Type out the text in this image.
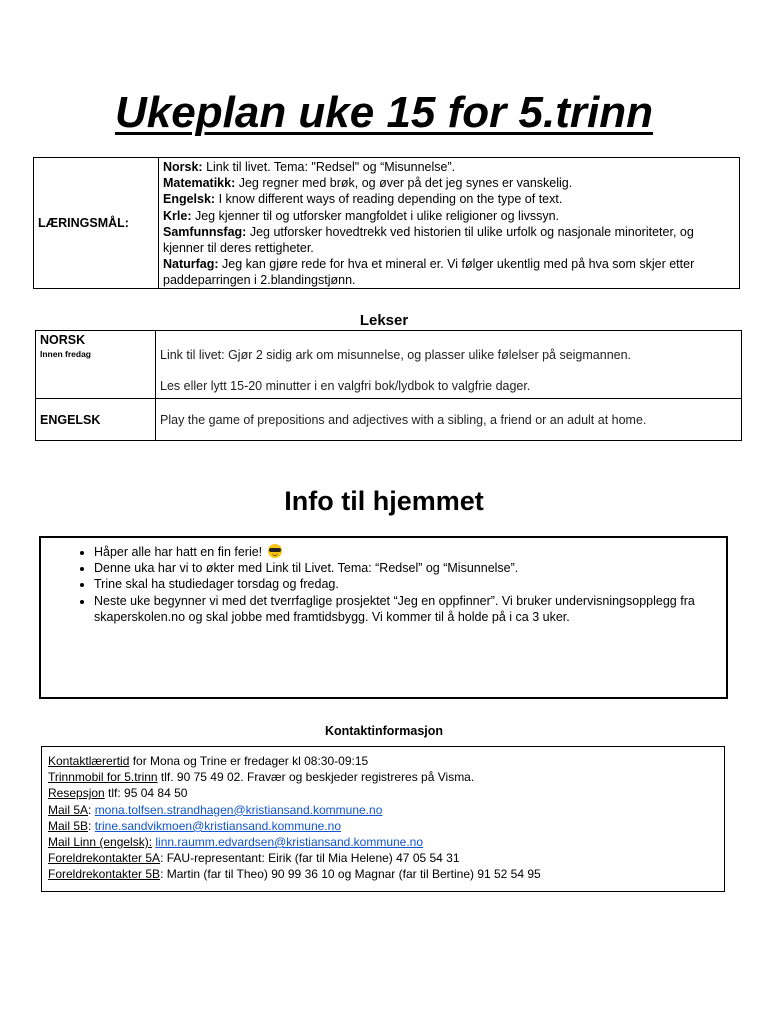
Ukeplan uke 15 for 5.trinn
LÆRINGSMÅL:
Norsk: Link til livet. Tema: "Redsel" og “Misunnelse”.
Matematikk: Jeg regner med brøk, og øver på det jeg synes er vanskelig.
Engelsk: I know different ways of reading depending on the type of text.
Krle: Jeg kjenner til og utforsker mangfoldet i ulike religioner og livssyn.
Samfunnsfag: Jeg utforsker hovedtrekk ved historien til ulike urfolk og nasjonale minoriteter, og kjenner til deres rettigheter.
Naturfag: Jeg kan gjøre rede for hva et mineral er. Vi følger ukentlig med på hva som skjer etter paddeparringen i 2.blandingstjønn.
Lekser
NORSK
Innen fredag	Link til livet: Gjør 2 sidig ark om misunnelse, og plasser ulike følelser på seigmannen.
Les eller lytt 15-20 minutter i en valgfri bok/lydbok to valgfrie dager.
ENGELSK	Play the game of prepositions and adjectives with a sibling, a friend or an adult at home.
Info til hjemmet
• Håper alle har hatt en fin ferie!
• Denne uka har vi to økter med Link til Livet. Tema: “Redsel” og “Misunnelse”.
• Trine skal ha studiedager torsdag og fredag.
• Neste uke begynner vi med det tverrfaglige prosjektet “Jeg en oppfinner”. Vi bruker undervisningsopplegg fra skaperskolen.no og skal jobbe med framtidsbygg. Vi kommer til å holde på i ca 3 uker.
Kontaktinformasjon
Kontaktlærertid for Mona og Trine er fredager kl 08:30-09:15
Trinnmobil for 5.trinn tlf. 90 75 49 02. Fravær og beskjeder registreres på Visma.
Resepsjon tlf: 95 04 84 50
Mail 5A: mona.tolfsen.strandhagen@kristiansand.kommune.no
Mail 5B: trine.sandvikmoen@kristiansand.kommune.no
Mail Linn (engelsk): linn.raumm.edvardsen@kristiansand.kommune.no
Foreldrekontakter 5A: FAU-representant: Eirik (far til Mia Helene) 47 05 54 31
Foreldrekontakter 5B: Martin (far til Theo) 90 99 36 10 og Magnar (far til Bertine) 91 52 54 95
